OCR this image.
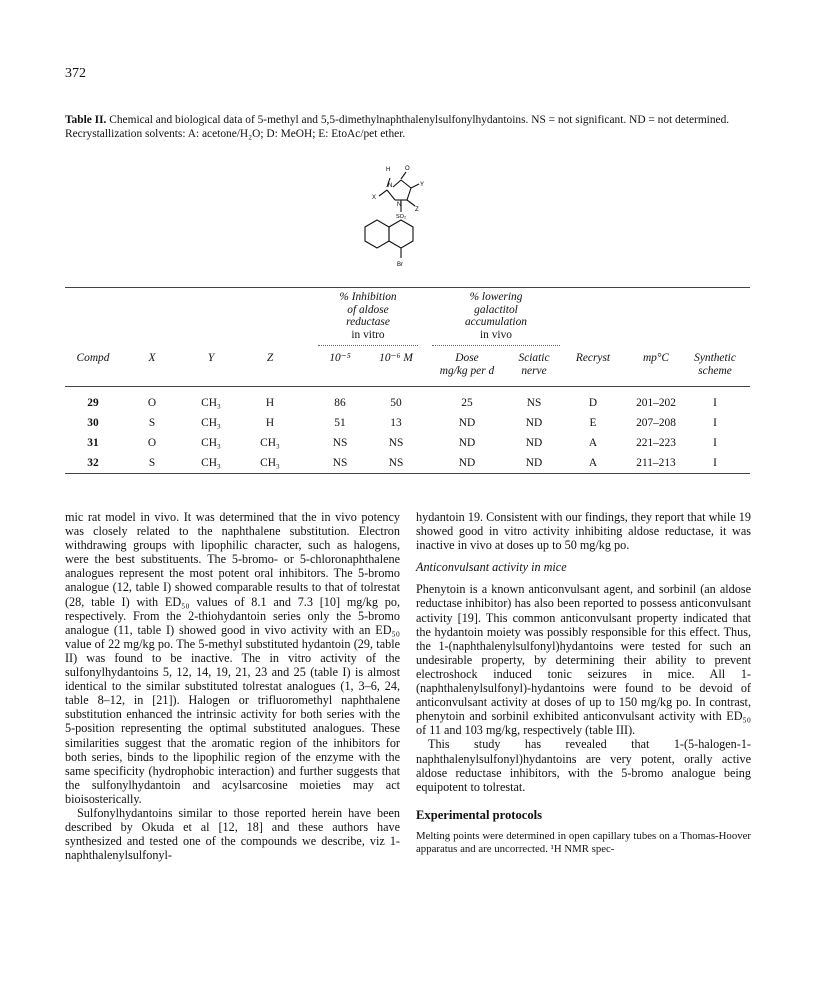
372
Table II. Chemical and biological data of 5-methyl and 5,5-dimethylnaphthalenylsulfonylhydantoins. NS = not significant. ND = not determined. Recrystallization solvents: A: acetone/H₂O; D: MeOH; E: EtoAc/pet ether.
H O
N	Y
X
N
Z
SO₂
Br
% Inhibition
of aldose
reductase
in vitro
% lowering
galactitol
accumulation
in vivo
Compd	X	Y	Z	10⁻⁵	10⁻⁶ M	Dose
mg/kg per d
Sciatic
nerve
Recryst	mp°C	Synthetic
scheme
29	O	CH₃	H	86	50	25	NS	D	201–202	I
30	S	CH₃	H	51	13	ND	ND	E	207–208	I
31	O	CH₃	CH₃	NS	NS	ND	ND	A	221–223	I
32	S	CH₃	CH₃	NS	NS	ND	ND	A	211–213	I

mic rat model in vivo. It was determined that the in vivo potency was closely related to the naphthalene substitution. Electron withdrawing groups with lipophilic character, such as halogens, were the best substituents. The 5-bromo- or 5-chloronaphthalene analogues represent the most potent oral inhibitors. The 5-bromo analogue (12, table I) showed comparable results to that of tolrestat (28, table I) with ED₅₀ values of 8.1 and 7.3 [10] mg/kg po, respectively. From the 2-thiohydantoin series only the 5-bromo analogue (11, table I) showed good in vivo activity with an ED₅₀ value of 22 mg/kg po. The 5-methyl substituted hydantoin (29, table II) was found to be inactive. The in vitro activity of the sulfonylhydantoins 5, 12, 14, 19, 21, 23 and 25 (table I) is almost identical to the similar substituted tolrestat analogues (1, 3–6, 24, table 8–12, in [21]). Halogen or trifluoromethyl naphthalene substitution enhanced the intrinsic activity for both series with the 5-position representing the optimal substituted analogues. These similarities suggest that the aromatic region of the inhibitors for both series, binds to the lipophilic region of the enzyme with the same specificity (hydrophobic interaction) and further suggests that the sulfonylhydantoin and acylsarcosine moieties may act bioisosterically.

Sulfonylhydantoins similar to those reported herein have been described by Okuda et al [12, 18] and these authors have synthesized and tested one of the compounds we describe, viz 1-naphthalenylsulfonyl-

hydantoin 19. Consistent with our findings, they report that while 19 showed good in vitro activity inhibiting aldose reductase, it was inactive in vivo at doses up to 50 mg/kg po.

Anticonvulsant activity in mice

Phenytoin is a known anticonvulsant agent, and sorbinil (an aldose reductase inhibitor) has also been reported to possess anticonvulsant activity [19]. This common anticonvulsant property indicated that the hydantoin moiety was possibly responsible for this effect. Thus, the 1-(naphthalenylsulfonyl)hydantoins were tested for such an undesirable property, by determining their ability to prevent electroshock induced tonic seizures in mice. All 1-(naphthalenylsulfonyl)-hydantoins were found to be devoid of anticonvulsant activity at doses of up to 150 mg/kg po. In contrast, phenytoin and sorbinil exhibited anticonvulsant activity with ED₅₀ of 11 and 103 mg/kg, respectively (table III).

This study has revealed that 1-(5-halogen-1-naphthalenylsulfonyl)hydantoins are very potent, orally active aldose reductase inhibitors, with the 5-bromo analogue being equipotent to tolrestat.

Experimental protocols

Melting points were determined in open capillary tubes on a Thomas-Hoover apparatus and are uncorrected. ¹H NMR spec-
